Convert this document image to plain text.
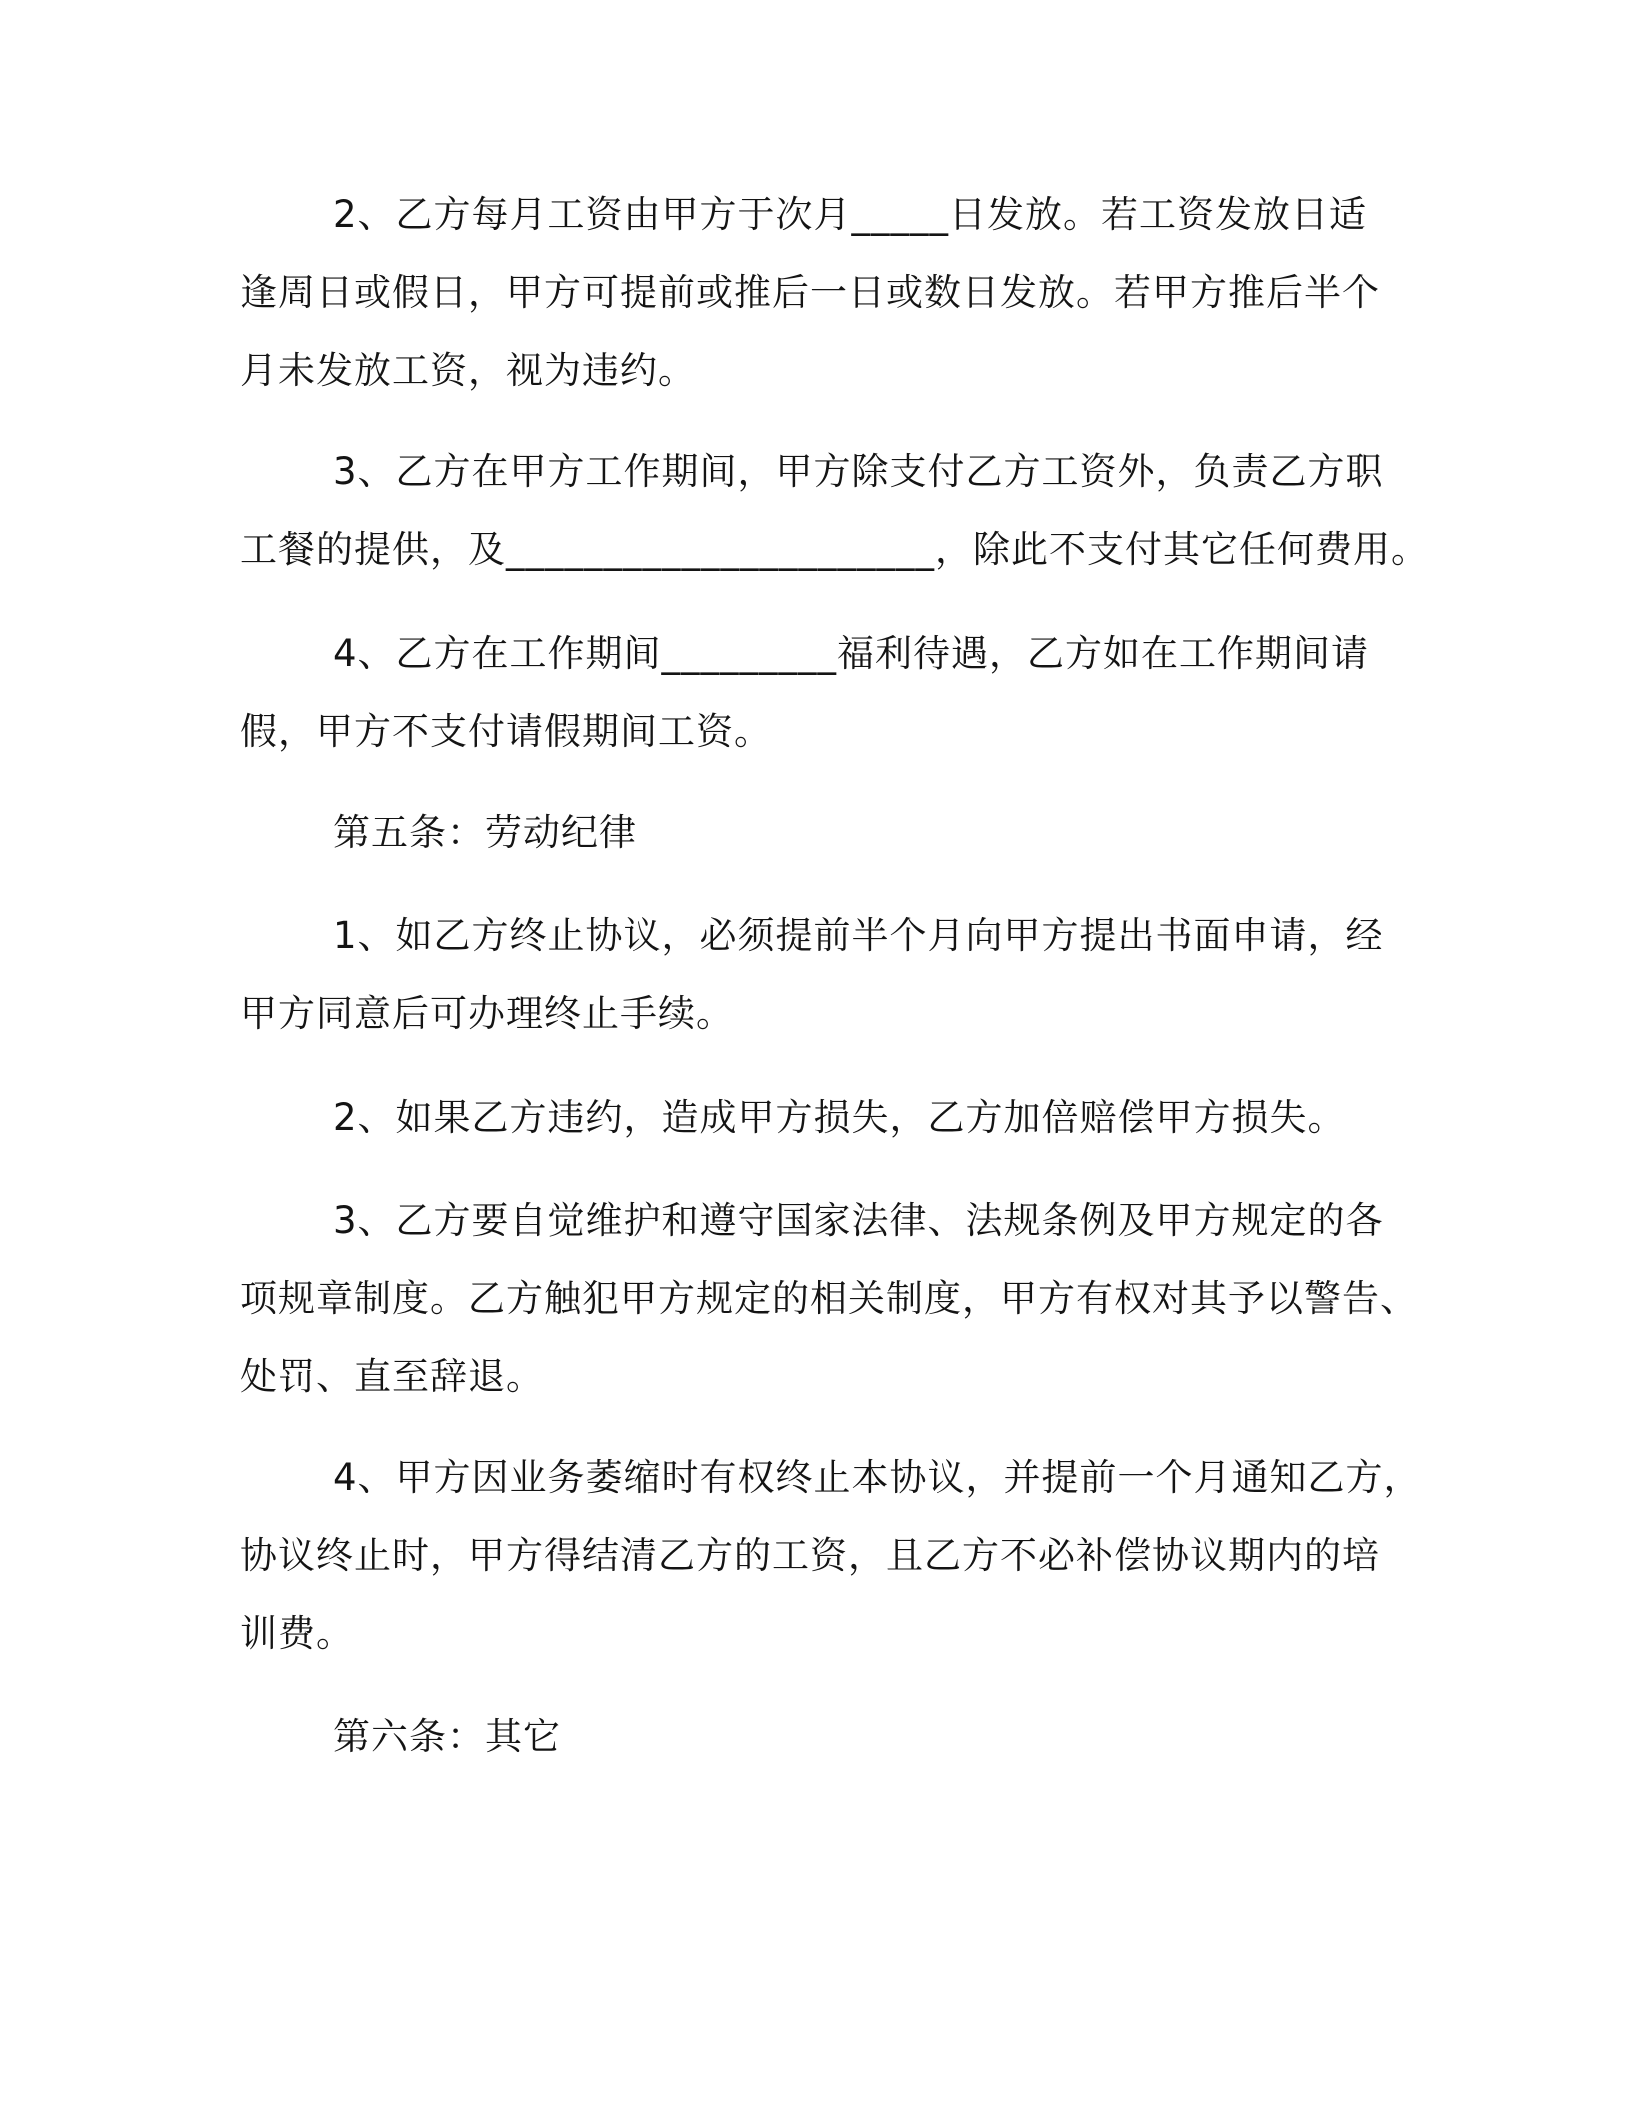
2、乙方每月工资由甲方于次月_____日发放。若工资发放日适

逢周日或假日，甲方可提前或推后一日或数日发放。若甲方推后半个

月未发放工资，视为违约。

3、乙方在甲方工作期间，甲方除支付乙方工资外，负责乙方职

工餐的提供，及______________________，除此不支付其它任何费用。

4、乙方在工作期间_________福利待遇，乙方如在工作期间请

假，甲方不支付请假期间工资。

第五条：劳动纪律

1、如乙方终止协议，必须提前半个月向甲方提出书面申请，经

甲方同意后可办理终止手续。

2、如果乙方违约，造成甲方损失，乙方加倍赔偿甲方损失。

3、乙方要自觉维护和遵守国家法律、法规条例及甲方规定的各

项规章制度。乙方触犯甲方规定的相关制度，甲方有权对其予以警告、

处罚、直至辞退。

4、甲方因业务萎缩时有权终止本协议，并提前一个月通知乙方，

协议终止时，甲方得结清乙方的工资，且乙方不必补偿协议期内的培

训费。

第六条：其它
